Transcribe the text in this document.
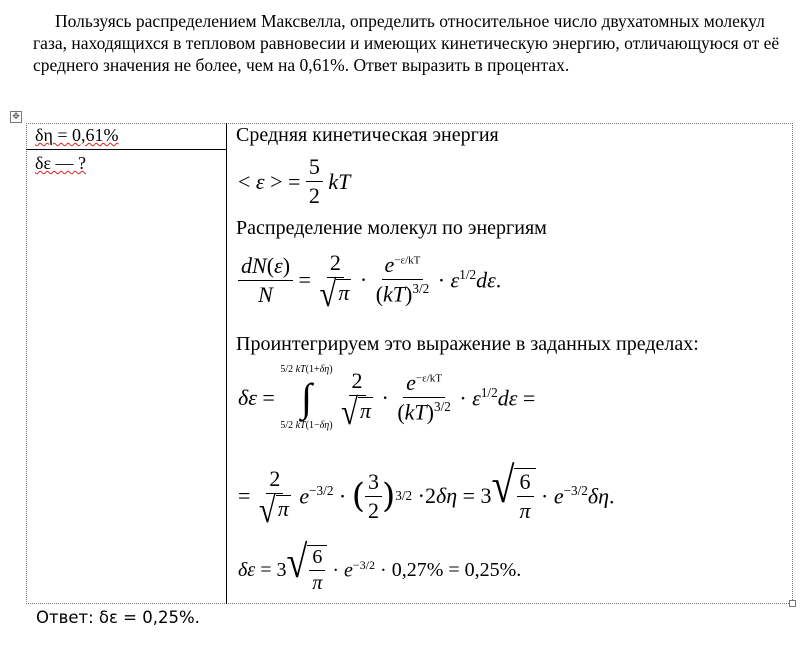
Пользуясь распределением Максвелла, определить относительное число двухатомных молекул газа, находящихся в тепловом равновесии и имеющих кинетическую энергию, отличающуюся от её среднего значения не более, чем на 0,61%. Ответ выразить в процентах.

✥
δη = 0,61%
δε — ?
Средняя кинетическая энергия
< ε > = $\frac{5}{2}$ kT
Распределение молекул по энергиям
$\frac{dN(\varepsilon)}{N} = \frac{2}{√ \pi} \cdot \frac{e^{-\varepsilon/kT}}{(kT)^{3/2}} \cdot \varepsilon^{1/2}d\varepsilon$.
Проинтегрируем это выражение в заданных пределах:
δε =
5/2 kT(1+δη)
∫
5/2 kT(1−δη)
$\frac{2}{√ \pi} \cdot \frac{e^{-\varepsilon/kT}}{(kT)^{3/2}} \cdot \varepsilon^{1/2}d\varepsilon$ =
= $\frac{2}{√ \pi} e^{-3/2}$ · ( $\frac{3}{2}$ ) 3/2 ·2δη = 3 √ $\frac{6}{\pi} \cdot e^{-3/2}\delta\eta$.
δε = 3 √ $\frac{6}{\pi} \cdot e^{-3/2} \cdot 0,27\% = 0,25\%$.
Ответ: δε = 0,25%.
